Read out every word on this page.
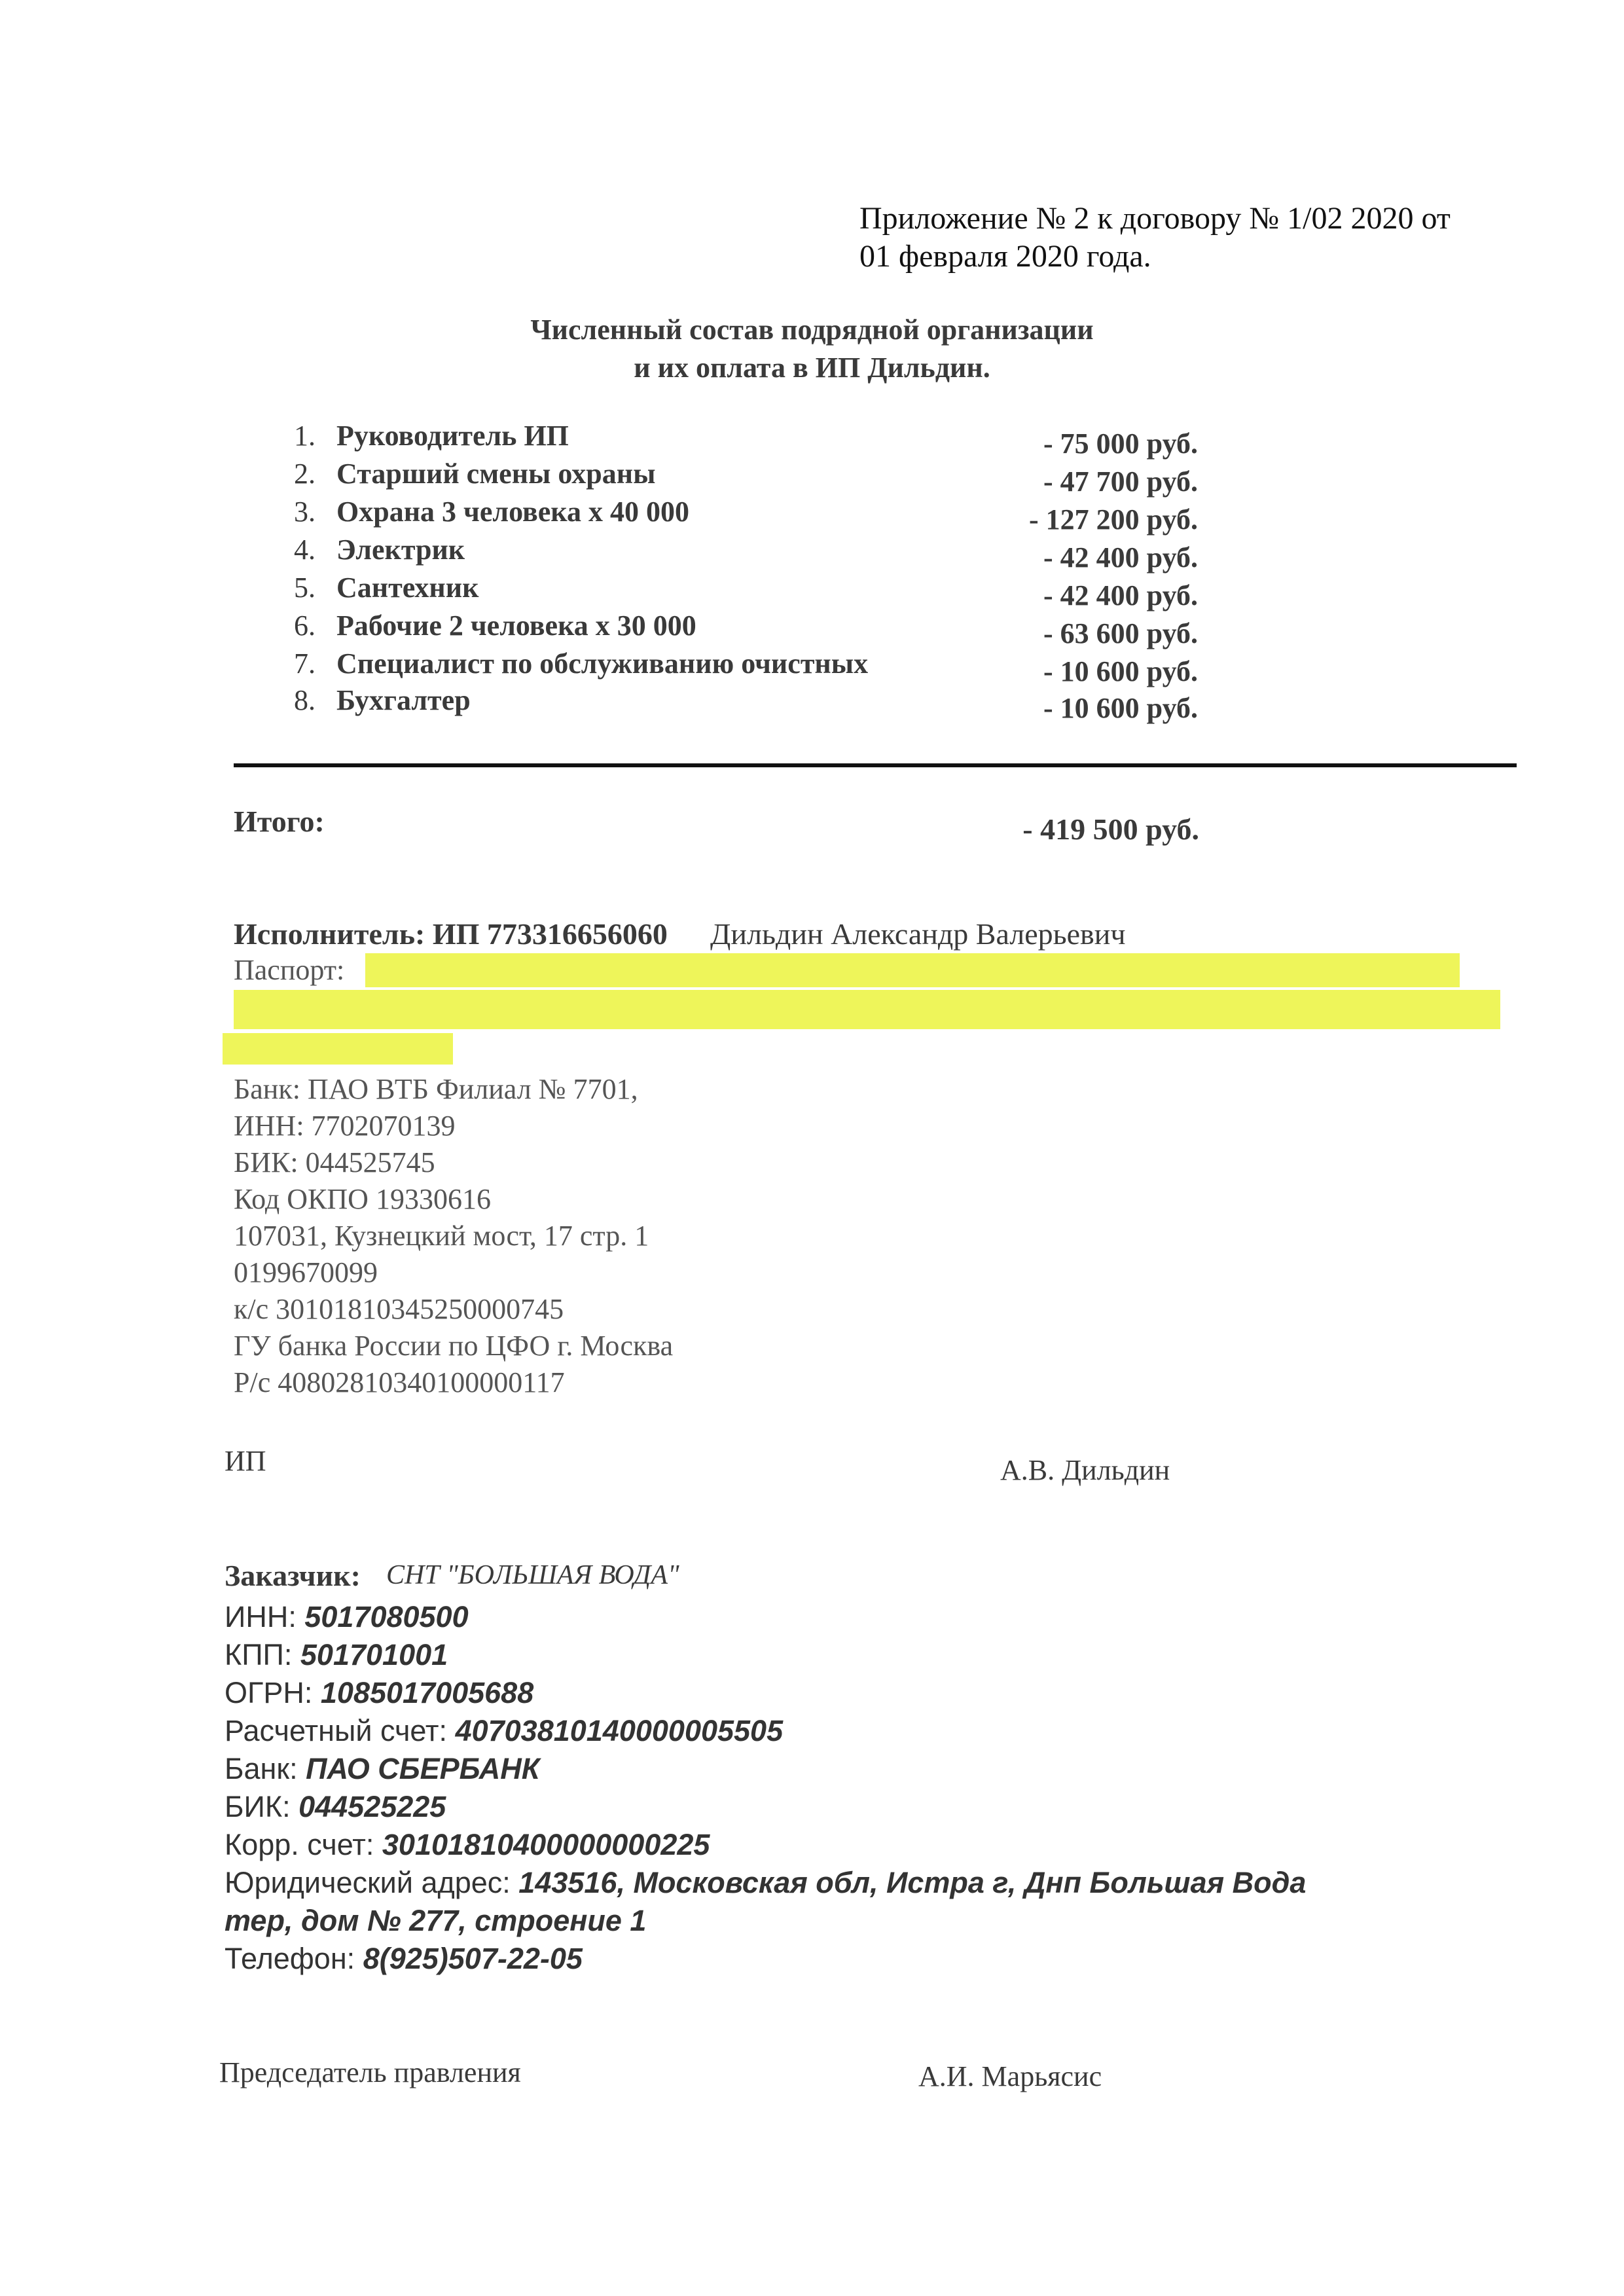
Приложение № 2 к договору № 1/02 2020 от
01 февраля 2020 года.
Численный состав подрядной организации
и их оплата в ИП Дильдин.
1. Руководитель ИП	- 75 000 руб.
2. Старший смены охраны	- 47 700 руб.
3. Охрана 3 человека х 40 000	- 127 200 руб.
4. Электрик	- 42 400 руб.
5. Сантехник	- 42 400 руб.
6. Рабочие 2 человека х 30 000	- 63 600 руб.
7. Специалист по обслуживанию очистных	- 10 600 руб.
8. Бухгалтер	- 10 600 руб.
Итого:	- 419 500 руб.
Исполнитель: ИП 773316656060 Дильдин Александр Валерьевич
Паспорт:
Банк: ПАО ВТБ Филиал № 7701,
ИНН: 7702070139
БИК: 044525745
Код ОКПО 19330616
107031, Кузнецкий мост, 17 стр. 1
0199670099
к/с 30101810345250000745
ГУ банка России по ЦФО г. Москва
Р/с 40802810340100000117
ИП	А.В. Дильдин
Заказчик: СНТ "БОЛЬШАЯ ВОДА"
ИНН: 5017080500
КПП: 501701001
ОГРН: 1085017005688
Расчетный счет: 40703810140000005505
Банк: ПАО СБЕРБАНК
БИК: 044525225
Корр. счет: 30101810400000000225
Юридический адрес: 143516, Московская обл, Истра г, Днп Большая Вода
тер, дом № 277, строение 1
Телефон: 8(925)507-22-05
Председатель правления	А.И. Марьясис
